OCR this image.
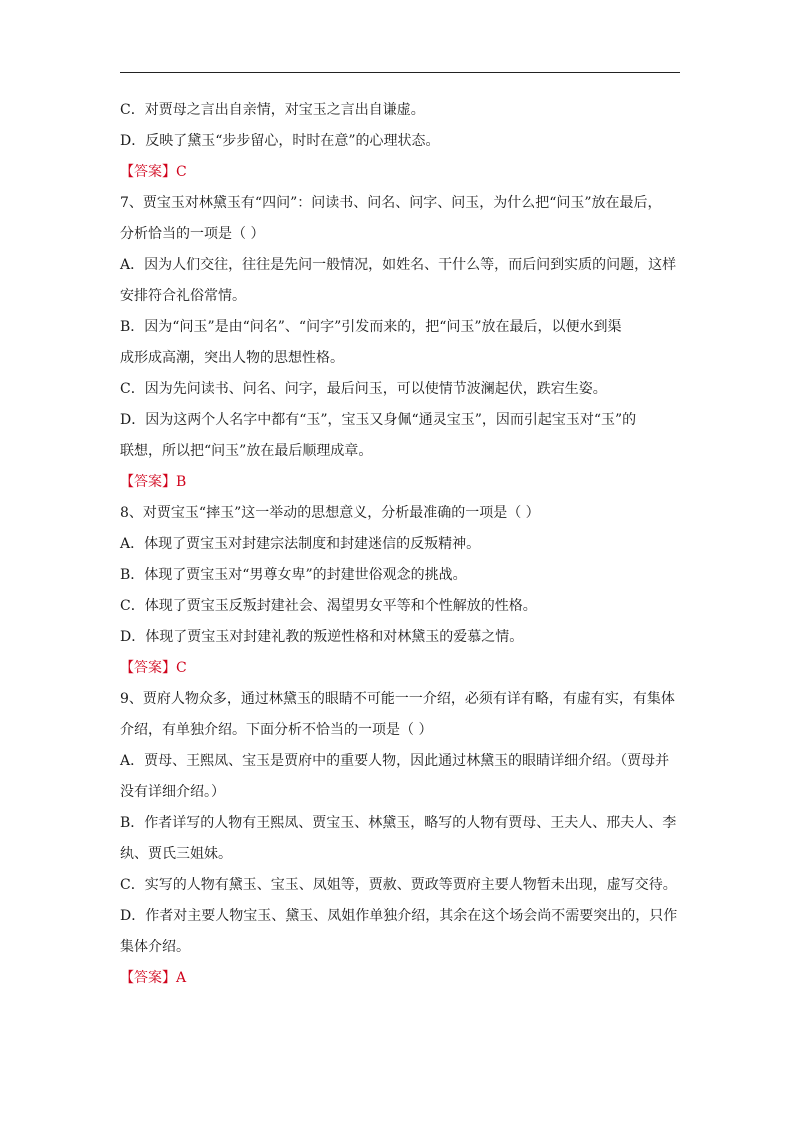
C．对贾母之言出自亲情，对宝玉之言出自谦虚。
D．反映了黛玉“步步留心，时时在意”的心理状态。
【答案】C
7、贾宝玉对林黛玉有“四问”：问读书、问名、问字、问玉，为什么把“问玉”放在最后，
分析恰当的一项是（ ）
A．因为人们交往，往往是先问一般情况，如姓名、干什么等，而后问到实质的问题，这样
安排符合礼俗常情。
B．因为“问玉”是由“问名”、“问字”引发而来的，把“问玉”放在最后，以便水到渠
成形成高潮，突出人物的思想性格。
C．因为先问读书、问名、问字，最后问玉，可以使情节波澜起伏，跌宕生姿。
D．因为这两个人名字中都有“玉”，宝玉又身佩“通灵宝玉”，因而引起宝玉对“玉”的
联想，所以把“问玉”放在最后顺理成章。
【答案】B
8、对贾宝玉“摔玉”这一举动的思想意义，分析最准确的一项是（ ）
A．体现了贾宝玉对封建宗法制度和封建迷信的反叛精神。
B．体现了贾宝玉对“男尊女卑”的封建世俗观念的挑战。
C．体现了贾宝玉反叛封建社会、渴望男女平等和个性解放的性格。
D．体现了贾宝玉对封建礼教的叛逆性格和对林黛玉的爱慕之情。
【答案】C
9、贾府人物众多，通过林黛玉的眼睛不可能一一介绍，必须有详有略，有虚有实，有集体
介绍，有单独介绍。下面分析不恰当的一项是（ ）
A．贾母、王熙凤、宝玉是贾府中的重要人物，因此通过林黛玉的眼睛详细介绍。（贾母并
没有详细介绍。）
B．作者详写的人物有王熙凤、贾宝玉、林黛玉，略写的人物有贾母、王夫人、邢夫人、李
纨、贾氏三姐妹。
C．实写的人物有黛玉、宝玉、凤姐等，贾赦、贾政等贾府主要人物暂未出现，虚写交待。
D．作者对主要人物宝玉、黛玉、凤姐作单独介绍，其余在这个场会尚不需要突出的，只作
集体介绍。
【答案】A
